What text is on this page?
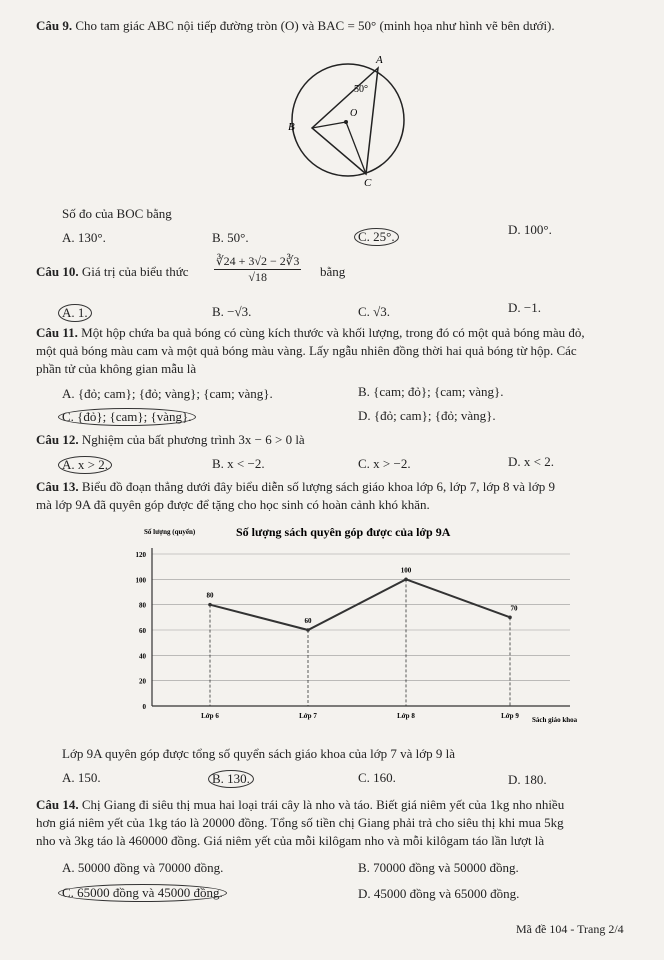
Câu 9. Cho tam giác ABC nội tiếp đường tròn (O) và BAC = 50° (minh họa như hình vẽ bên dưới).
A
B
C
O
50°
Số đo của BOC bằng
A. 130°.	B. 50°.	C. 25°.	D. 100°.
Câu 10. Giá trị của biểu thức $\frac{∛24 + 3√2 - 2∛3}{√18}$ bằng
A. 1.	B. −√3.	C. √3.	D. −1.
Câu 11. Một hộp chứa ba quả bóng có cùng kích thước và khối lượng, trong đó có một quả bóng màu đỏ,
một quả bóng màu cam và một quả bóng màu vàng. Lấy ngẫu nhiên đồng thời hai quả bóng từ hộp. Các
phần tử của không gian mẫu là
A. {đỏ; cam}; {đỏ; vàng}; {cam; vàng}.	B. {cam; đỏ}; {cam; vàng}.
C. {đỏ}; {cam}; {vàng}.	D. {đỏ; cam}; {đỏ; vàng}.
Câu 12. Nghiệm của bất phương trình 3x − 6 > 0 là
A. x > 2.	B. x < −2.	C. x > −2.	D. x < 2.
Câu 13. Biểu đồ đoạn thẳng dưới đây biểu diễn số lượng sách giáo khoa lớp 6, lớp 7, lớp 8 và lớp 9
mà lớp 9A đã quyên góp được để tặng cho học sinh có hoàn cảnh khó khăn.
Số lượng sách quyên góp được của lớp 9A
Số lượng (quyển)
0
20
40
60
80
100
120
Lớp 6	Lớp 7	Lớp 8	Lớp 9
80
60
100
70
Sách giáo khoa
Lớp 9A quyên góp được tổng số quyển sách giáo khoa của lớp 7 và lớp 9 là
A. 150.	B. 130.	C. 160.	D. 180.
Câu 14. Chị Giang đi siêu thị mua hai loại trái cây là nho và táo. Biết giá niêm yết của 1kg nho nhiều
hơn giá niêm yết của 1kg táo là 20000 đồng. Tổng số tiền chị Giang phải trả cho siêu thị khi mua 5kg
nho và 3kg táo là 460000 đồng. Giá niêm yết của mỗi kilôgam nho và mỗi kilôgam táo lần lượt là
A. 50000 đồng và 70000 đồng.	B. 70000 đồng và 50000 đồng.
C. 65000 đồng và 45000 đồng.	D. 45000 đồng và 65000 đồng.
Mã đề 104 - Trang 2/4
